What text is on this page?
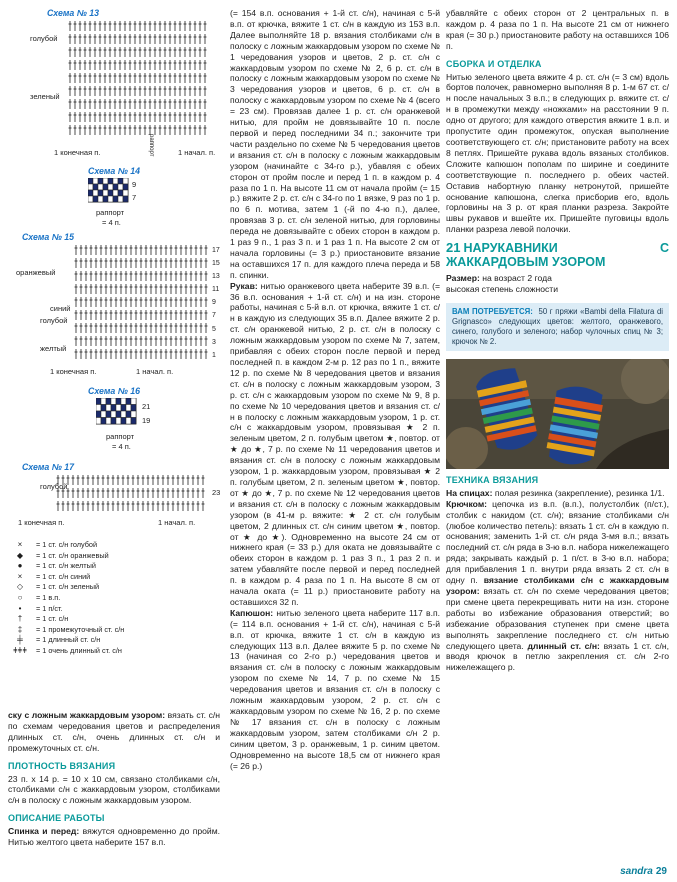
Схема № 13
голубой
зеленый
1 конечная п.	1 начал. п.
раппорт
Схема № 14
9
7
раппорт
= 4 п.
Схема № 15
оранжевый
синий
голубой
желтый
17
15
13
11
9
7
5
3
1
1 конечная п.	1 начал. п.
Схема № 16
21
19
раппорт
= 4 п.
Схема № 17
голубой
23
1 конечная п.	1 начал. п.
×	= 1 ст. с/н голубой
◆	= 1 ст. с/н оранжевый
●	= 1 ст. с/н желтый
×	= 1 ст. с/н синий
◇	= 1 ст. с/н зеленый
○	= 1 в.п.
•	= 1 п/ст.
†	= 1 ст. с/н
‡	= 1 промежуточный ст. с/н
╪	= 1 длинный ст. с/н
ǂǂǂ	= 1 очень длинный ст. с/н

ску с ложным жаккардовым узором: вязать ст. с/н по схемам чередования цветов и распределения длинных ст. с/н, очень длинных ст. с/н и промежуточных ст. с/н.

ПЛОТНОСТЬ ВЯЗАНИЯ

23 п. х 14 р. = 10 х 10 см, связано столбиками с/н, столбиками с/н с жаккардовым узором, столбиками с/н в полоску с ложным жаккардовым узором.

ОПИСАНИЕ РАБОТЫ

Спинка и перед: вяжутся одновременно до пройм. Нитью желтого цвета наберите 157 в.п.

(= 154 в.п. основания + 1-й ст. с/н), начиная с 5-й в.п. от крючка, вяжите 1 ст. с/н в каждую из 153 в.п. Далее выполняйте 18 р. вязания столбиками с/н в полоску с ложным жаккардовым узором по схеме № 1 чередования узоров и цветов, 2 р. ст. с/н с жаккардовым узором по схеме № 2, 6 р. ст. с/н в полоску с ложным жаккардовым узором по схеме № 3 чередования узоров и цветов, 6 р. ст. с/н в полоску с жаккардовым узором по схеме № 4 (всего = 23 см). Провязав далее 1 р. ст. с/н оранжевой нитью, для пройм не довязывайте 10 п. после первой и перед последними 34 п.; закончите три части раздельно по схеме № 5 чередования цветов и вязания ст. с/н в полоску с ложным жаккардовым узором (начинайте с 34-го р.), убавляя с обеих сторон от пройм после и перед 1 п. в каждом р. 4 раза по 1 п. На высоте 11 см от начала пройм (= 15 р.) вяжите 2 р. ст. с/н с 34-го по 1 вязке, 9 раз по 1 р. по 6 п. мотива, затем 1 (-й по 4-ю п.), далее, провязав 3 р. ст. с/н зеленой нитью, для горловины переда не довязывайте с обеих сторон в каждом р. 1 раз 9 п., 1 раз 3 п. и 1 раз 1 п. На высоте 2 см от начала горловины (= 3 р.) приостановите вязание на оставшихся 17 п. для каждого плеча переда и 58 п. спинки.

Рукав: нитью оранжевого цвета наберите 39 в.п. (= 36 в.п. основания + 1-й ст. с/н) и на изн. стороне работы, начиная с 5-й в.п. от крючка, вяжите 1 ст. с/н в каждую из следующих 35 в.п. Далее вяжите 2 р. ст. с/н оранжевой нитью, 2 р. ст. с/н в полоску с ложным жаккардовым узором по схеме № 7, затем, прибавляя с обеих сторон после первой и перед последней п. в каждом 2-м р. 12 раз по 1 п., вяжите 12 р. по схеме № 8 чередования цветов и вязания ст. с/н в полоску с ложным жаккардовым узором, 3 р. ст. с/н с жаккардовым узором по схеме № 9, 8 р. по схеме № 10 чередования цветов и вязания ст. с/н в полоску с ложным жаккардовым узором, 1 р. ст. с/н с жаккардовым узором, провязывая ★ 2 п. зеленым цветом, 2 п. голубым цветом ★, повтор. от ★ до ★, 7 р. по схеме № 11 чередования цветов и вязания ст. с/н в полоску с ложным жаккардовым узором, 1 р. жаккардовым узором, провязывая ★ 2 п. голубым цветом, 2 п. зеленым цветом ★, повтор. от ★ до ★, 7 р. по схеме № 12 чередования цветов и вязания ст. с/н в полоску с ложным жаккардовым узором (в 41-м р. вяжите: ★ 2 ст. с/н голубым цветом, 2 длинных ст. с/н синим цветом ★, повтор. от ★ до ★). Одновременно на высоте 24 см от нижнего края (= 33 р.) для оката не довязывайте с обеих сторон в каждом р. 1 раз 3 п., 1 раз 2 п. и затем убавляйте после первой и перед последней п. в каждом р. 4 раза по 1 п. На высоте 8 см от начала оката (= 11 р.) приостановите работу на оставшихся 32 п.

Капюшон: нитью зеленого цвета наберите 117 в.п. (= 114 в.п. основания + 1-й ст. с/н), начиная с 5-й в.п. от крючка, вяжите 1 ст. с/н в каждую из следующих 113 в.п. Далее вяжите 5 р. по схеме № 13 (начиная со 2-го р.) чередования цветов и вязания ст. с/н в полоску с ложным жаккардовым узором по схеме № 14, 7 р. по схеме № 15 чередования цветов и вязания ст. с/н в полоску с ложным жаккардовым узором, 2 р. ст. с/н с жаккардовым узором по схеме № 16, 2 р. по схеме № 17 вязания ст. с/н в полоску с ложным жаккардовым узором, затем столбиками с/н 2 р. синим цветом, 3 р. оранжевым, 1 р. синим цветом. Одновременно на высоте 18,5 см от нижнего края (= 26 р.)

убавляйте с обеих сторон от 2 центральных п. в каждом р. 4 раза по 1 п. На высоте 21 см от нижнего края (= 30 р.) приостановите работу на оставшихся 106 п.

СБОРКА И ОТДЕЛКА

Нитью зеленого цвета вяжите 4 р. ст. с/н (= 3 см) вдоль бортов полочек, равномерно выполняя 8 р. 1-м 67 ст. с/н после начальных 3 в.п.; в следующих р. вяжите ст. с/н в промежутки между «ножками» на расстоянии 9 п. одно от другого; для каждого отверстия вяжите 1 в.п. и пропустите один промежуток, опуская выполнение соответствующего ст. с/н; пристановите работу на всех 8 петлях. Пришейте рукава вдоль вязаных столбиков. Сложите капюшон пополам по ширине и соедините соответствующие п. последнего р. обеих частей. Оставив набортную планку нетронутой, пришейте основание капюшона, слегка присборив его, вдоль горловины на 3 р. от края планки разреза. Закройте швы рукавов и вшейте их. Пришейте пуговицы вдоль планки разреза левой полочки.

21 НАРУКАВНИКИ С ЖАККАРДОВЫМ УЗОРОМ

Размер: на возраст 2 года

высокая степень сложности

ВАМ ПОТРЕБУЕТСЯ: 50 г пряжи «Bambi della Filatura di Grignasco» следующих цветов: желтого, оранжевого, синего, голубого и зеленого; набор чулочных спиц № 3; крючок № 2.
ТЕХНИКА ВЯЗАНИЯ

На спицах: полая резинка (закрепление), резинка 1/1.

Крючком: цепочка из в.п. (в.п.), полустолбик (п/ст.), столбик с накидом (ст. с/н); вязание столбиками с/н (любое количество петель): вязать 1 ст. с/н в каждую п. основания; заменить 1-й ст. с/н ряда 3-мя в.п.; вязать последний ст. с/н ряда в 3-ю в.п. набора нижележащего ряда; закрывать каждый р. 1 п/ст. в 3-ю в.п. набора; для прибавления 1 п. внутри ряда вязать 2 ст. с/н в одну п. вязание столбиками с/н с жаккардовым узором: вязать ст. с/н по схеме чередования цветов; при смене цвета перекрещивать нити на изн. стороне работы во избежание образования отверстий; во избежание образования ступенек при смене цвета выполнять закрепление последнего ст. с/н нитью следующего цвета. длинный ст. с/н: вязать 1 ст. с/н, вводя крючок в петлю закрепления ст. с/н 2-го нижележащего р.

sandra 29
